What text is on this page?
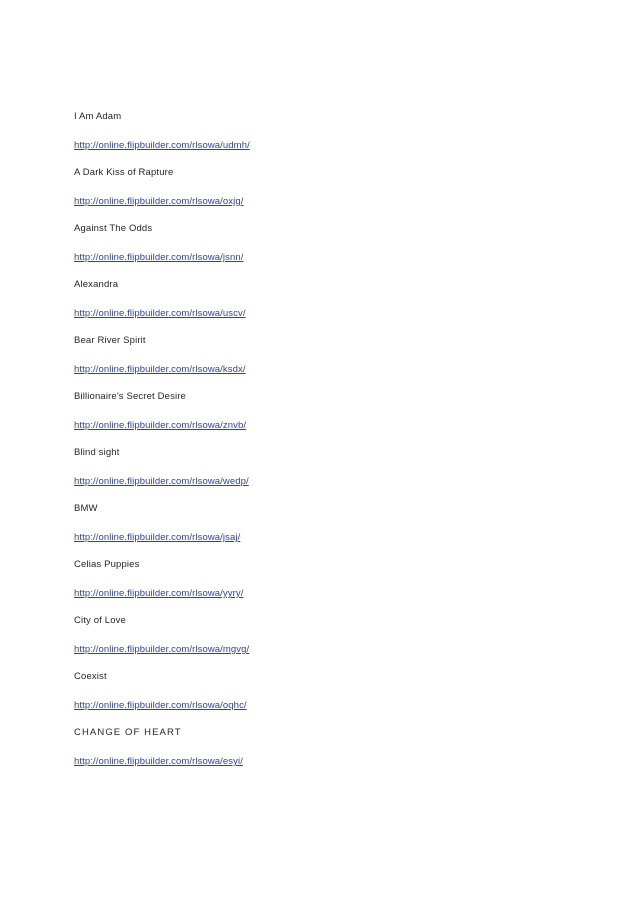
I Am Adam

http://online.flipbuilder.com/rlsowa/udmh/

A Dark Kiss of Rapture

http://online.flipbuilder.com/rlsowa/oxjg/

Against The Odds

http://online.flipbuilder.com/rlsowa/jsnn/

Alexandra

http://online.flipbuilder.com/rlsowa/uscv/

Bear River Spirit

http://online.flipbuilder.com/rlsowa/ksdx/

Billionaire's Secret Desire

http://online.flipbuilder.com/rlsowa/znvb/

Blind sight

http://online.flipbuilder.com/rlsowa/wedp/

BMW

http://online.flipbuilder.com/rlsowa/jsaj/

Celias Puppies

http://online.flipbuilder.com/rlsowa/yyry/

City of Love

http://online.flipbuilder.com/rlsowa/mgvg/

Coexist

http://online.flipbuilder.com/rlsowa/oqhc/

CHANGE OF HEART

http://online.flipbuilder.com/rlsowa/esyi/
